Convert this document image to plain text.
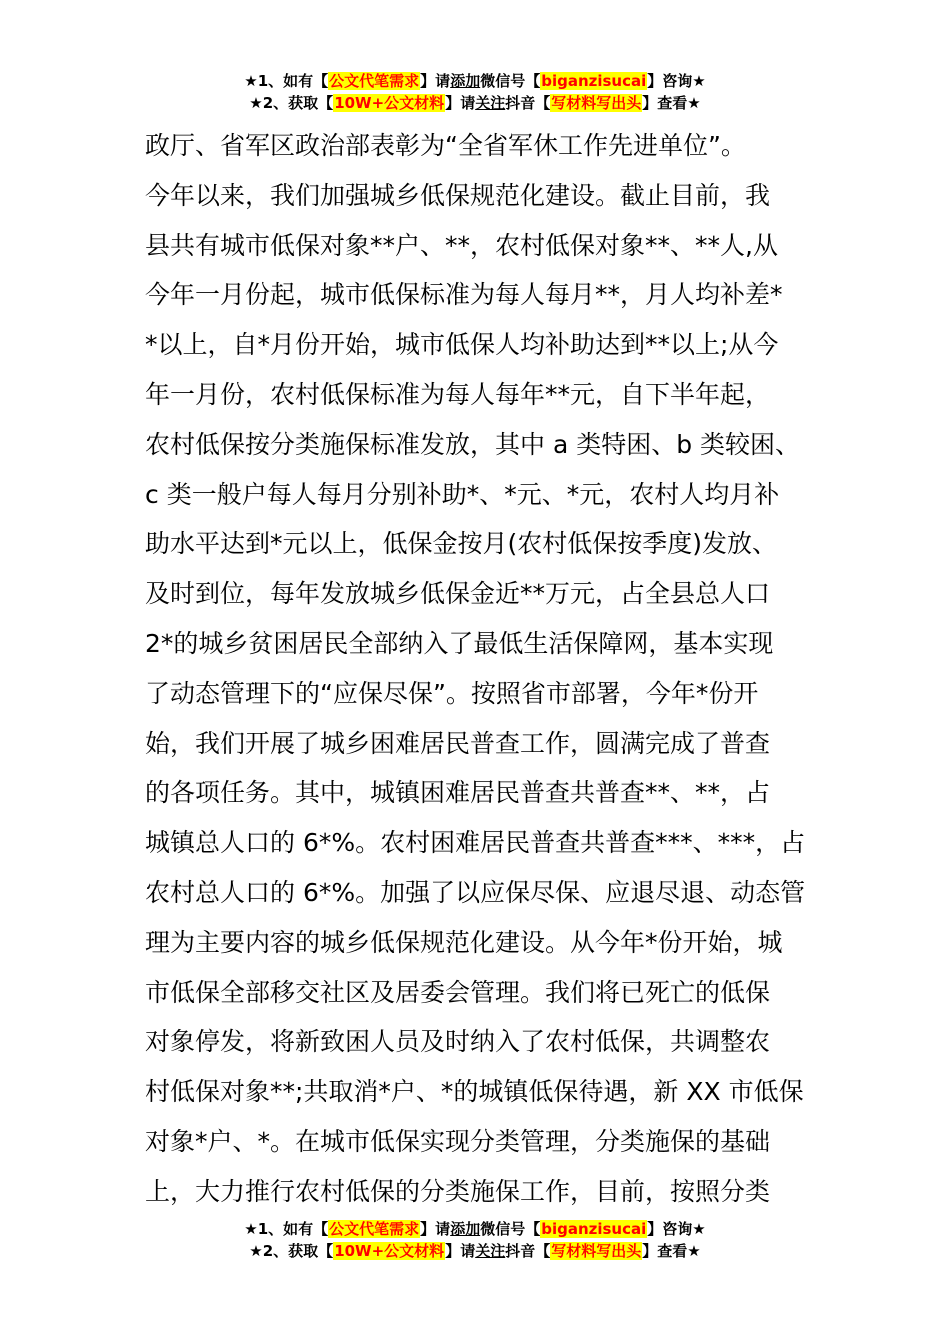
★1、如有【公文代笔需求】请添加微信号【biganzisucai】咨询★
★2、获取【10W+公文材料】请关注抖音【写材料写出头】查看★
政厅、省军区政治部表彰为“全省军休工作先进单位”。
今年以来，我们加强城乡低保规范化建设。截止目前，我
县共有城市低保对象**户、**，农村低保对象**、**人,从
今年一月份起，城市低保标准为每人每月**，月人均补差*
*以上，自*月份开始，城市低保人均补助达到**以上;从今
年一月份，农村低保标准为每人每年**元，自下半年起，
农村低保按分类施保标准发放，其中 a 类特困、b 类较困、
c 类一般户每人每月分别补助*、*元、*元，农村人均月补
助水平达到*元以上，低保金按月(农村低保按季度)发放、
及时到位，每年发放城乡低保金近**万元，占全县总人口
2*的城乡贫困居民全部纳入了最低生活保障网，基本实现
了动态管理下的“应保尽保”。按照省市部署，今年*份开
始，我们开展了城乡困难居民普查工作，圆满完成了普查
的各项任务。其中，城镇困难居民普查共普查**、**，占
城镇总人口的 6*%。农村困难居民普查共普查***、***，占
农村总人口的 6*%。加强了以应保尽保、应退尽退、动态管
理为主要内容的城乡低保规范化建设。从今年*份开始，城
市低保全部移交社区及居委会管理。我们将已死亡的低保
对象停发，将新致困人员及时纳入了农村低保，共调整农
村低保对象**;共取消*户、*的城镇低保待遇，新 XX 市低保
对象*户、*。在城市低保实现分类管理，分类施保的基础
上，大力推行农村低保的分类施保工作，目前，按照分类
★1、如有【公文代笔需求】请添加微信号【biganzisucai】咨询★
★2、获取【10W+公文材料】请关注抖音【写材料写出头】查看★
